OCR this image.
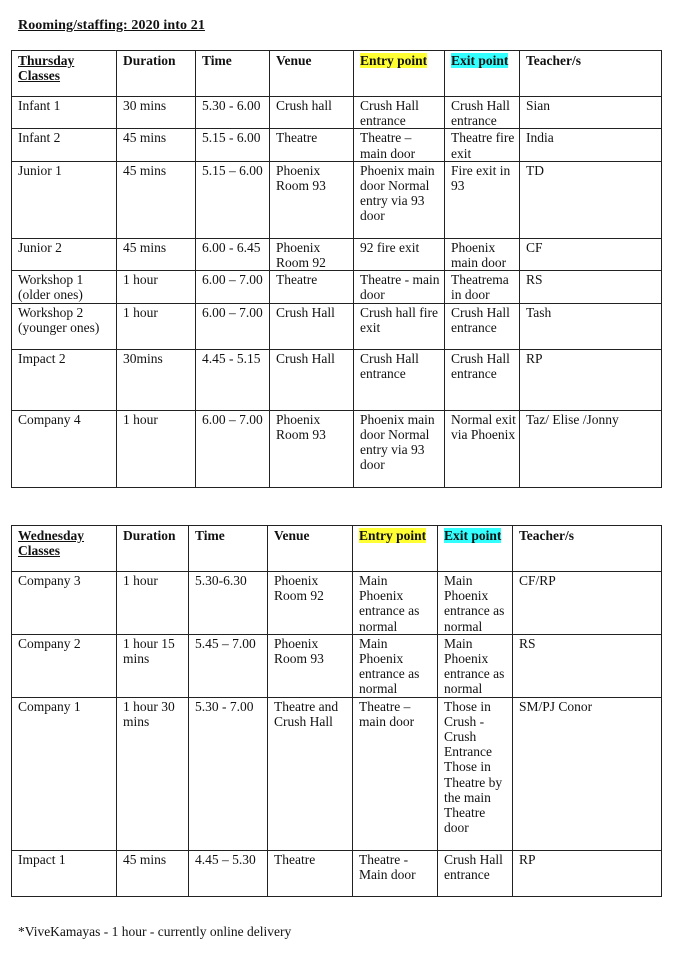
Rooming/staffing: 2020 into 21
Thursday Classes	Duration	Time	Venue	Entry point	Exit point	Teacher/s
Infant 1	30 mins	5.30 - 6.00	Crush hall	Crush Hall entrance	Crush Hall entrance	Sian
Infant 2	45 mins	5.15 - 6.00	Theatre	Theatre – main door	Theatre fire exit	India
Junior 1	45 mins	5.15 – 6.00	Phoenix Room 93	Phoenix main door Normal entry via 93 door	Fire exit in 93	TD
Junior 2	45 mins	6.00 - 6.45	Phoenix Room 92	92 fire exit	Phoenix main door	CF
Workshop 1 (older ones)	1 hour	6.00 – 7.00	Theatre	Theatre - main door	Theatrema in door	RS
Workshop 2 (younger ones)	1 hour	6.00 – 7.00	Crush Hall	Crush hall fire exit	Crush Hall entrance	Tash
Impact 2	30mins	4.45 - 5.15	Crush Hall	Crush Hall entrance	Crush Hall entrance	RP
Company 4	1 hour	6.00 – 7.00	Phoenix Room 93	Phoenix main door Normal entry via 93 door	Normal exit via Phoenix	Taz/ Elise /Jonny
Wednesday Classes	Duration	Time	Venue	Entry point	Exit point	Teacher/s
Company 3	1 hour	5.30-6.30	Phoenix Room 92	Main Phoenix entrance as normal	Main Phoenix entrance as normal	CF/RP
Company 2	1 hour 15 mins	5.45 – 7.00	Phoenix Room 93	Main Phoenix entrance as normal	Main Phoenix entrance as normal	RS
Company 1	1 hour 30 mins	5.30 - 7.00	Theatre and Crush Hall	Theatre – main door	Those in Crush - Crush Entrance Those in Theatre by the main Theatre door	SM/PJ Conor
Impact 1	45 mins	4.45 – 5.30	Theatre	Theatre - Main door	Crush Hall entrance	RP
*ViveKamayas - 1 hour - currently online delivery
